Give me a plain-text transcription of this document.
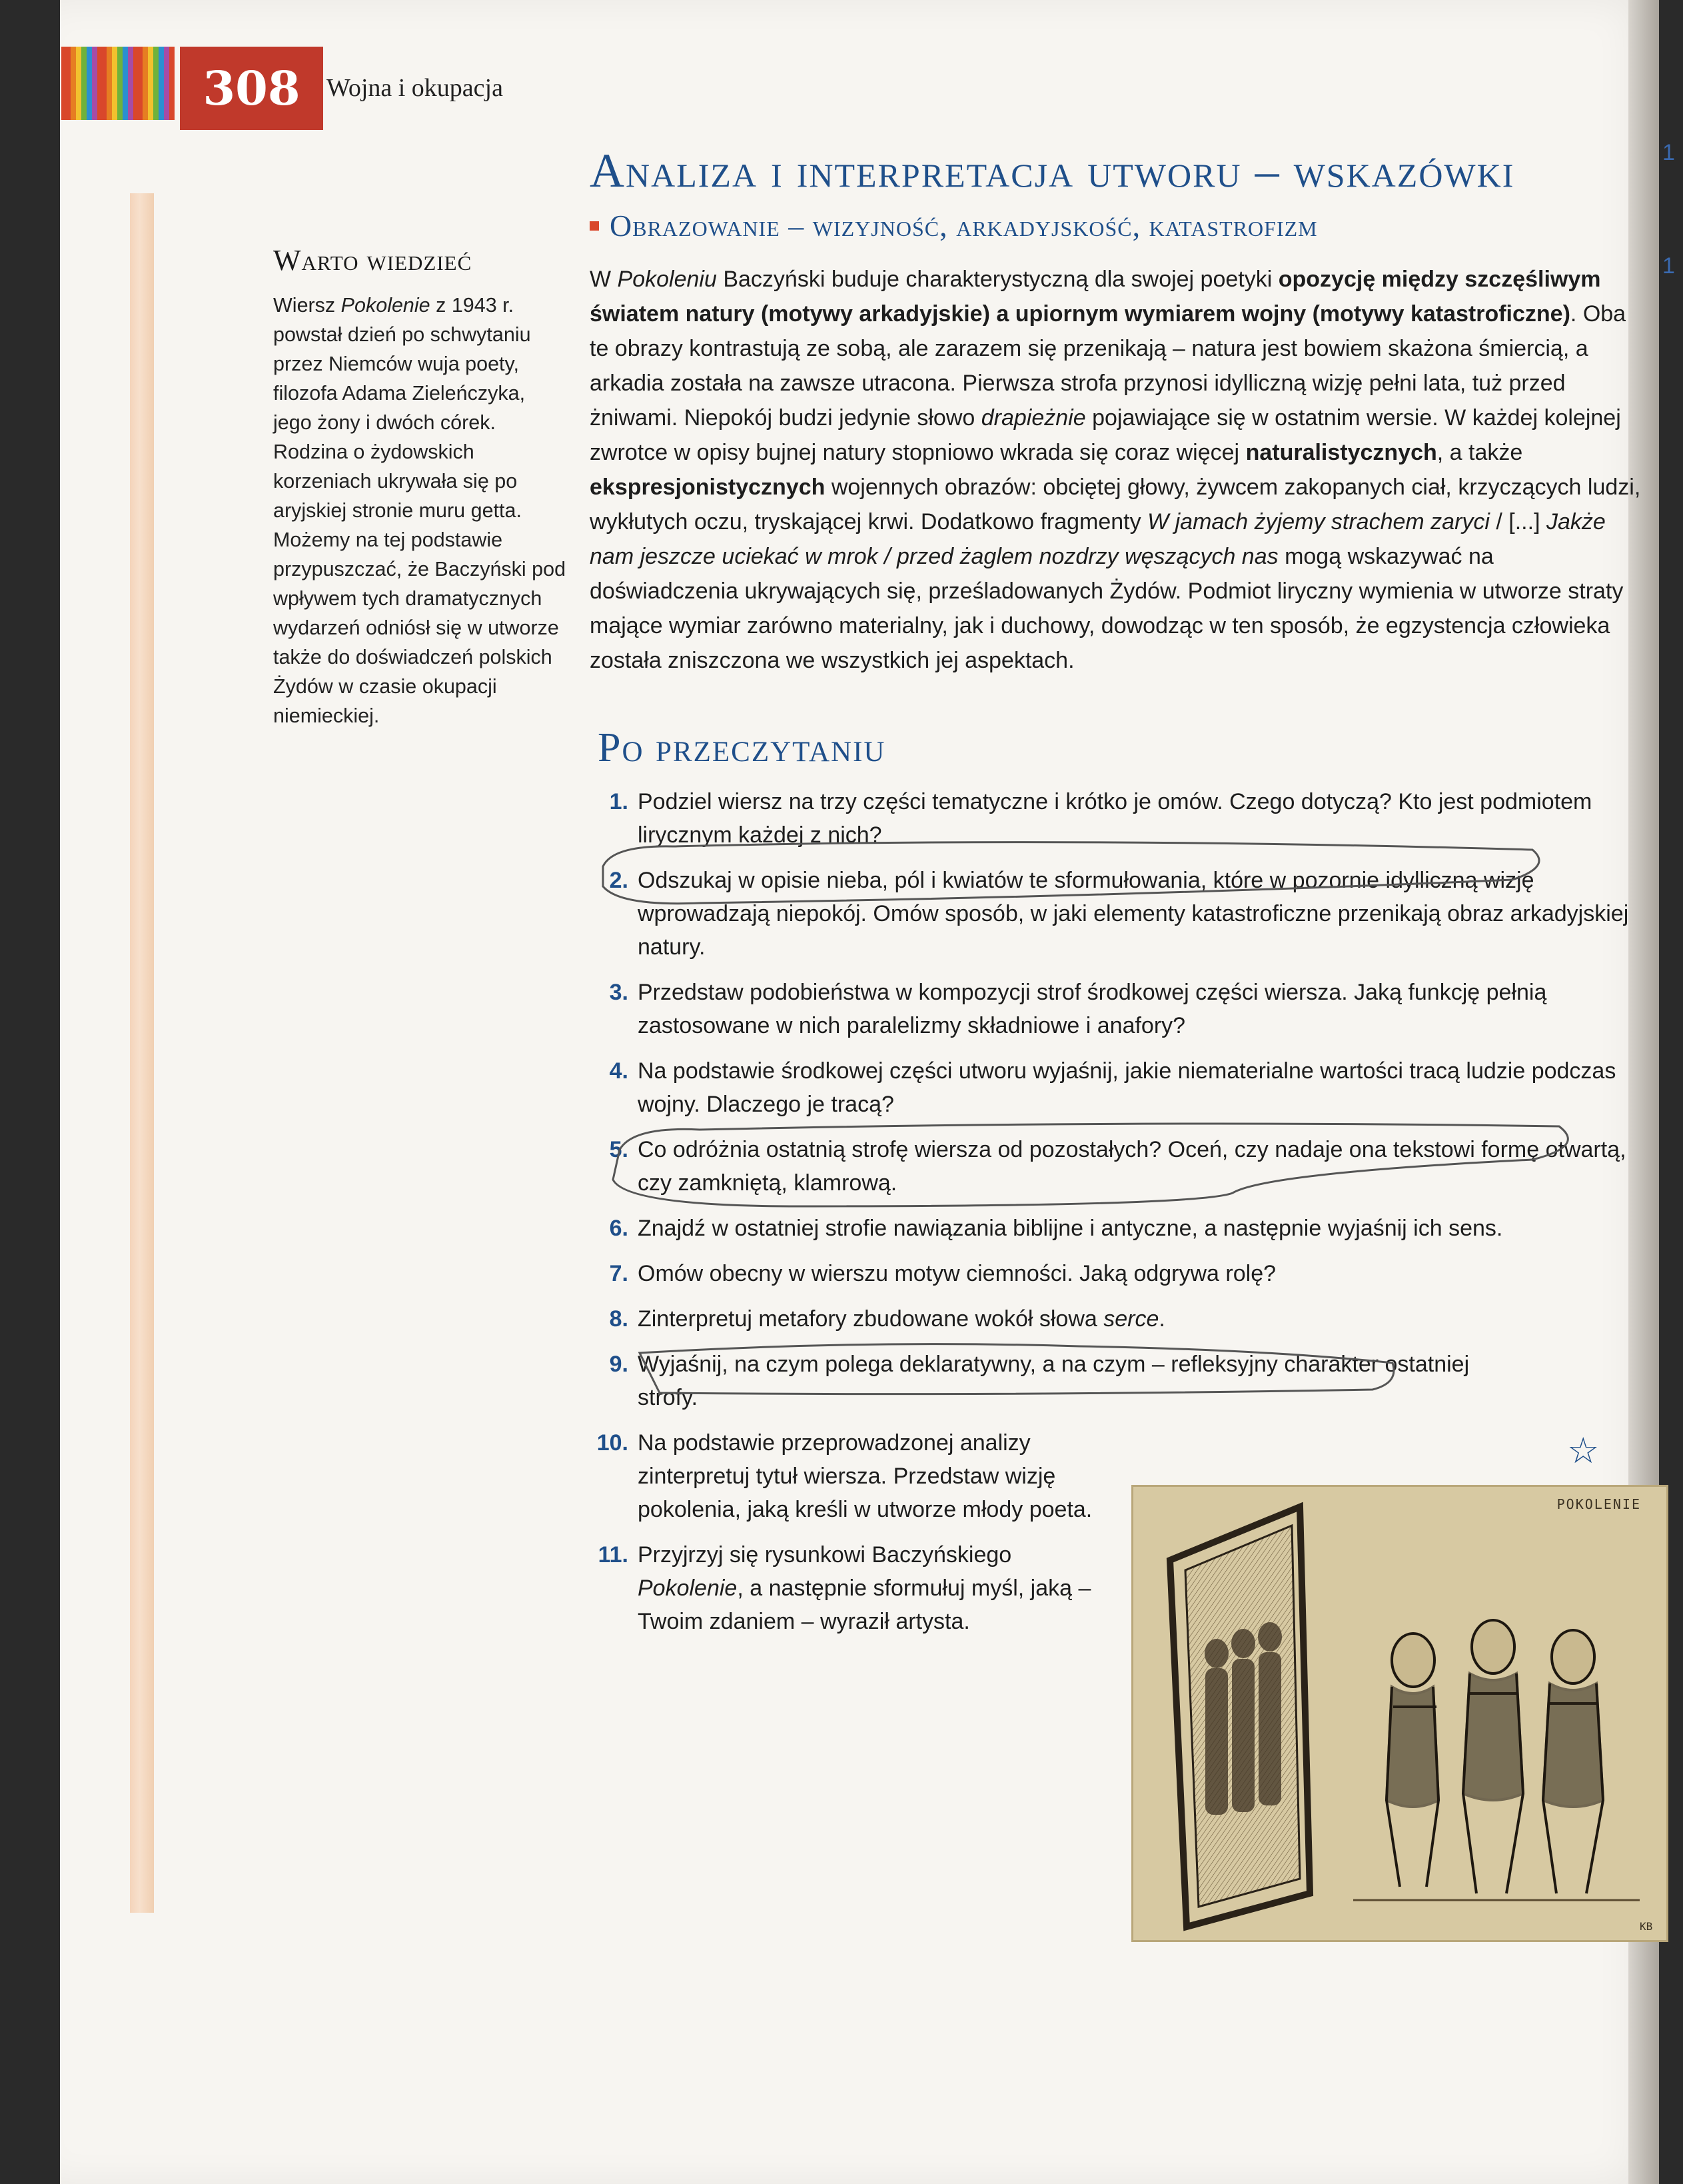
308	Wojna i okupacja
1
1
Warto wiedzieć

Wiersz Pokolenie z 1943 r. powstał dzień po schwytaniu przez Niemców wuja poety, filozofa Adama Zieleńczyka, jego żony i dwóch córek. Rodzina o żydowskich korzeniach ukrywała się po aryjskiej stronie muru getta. Możemy na tej podstawie przypuszczać, że Baczyński pod wpływem tych dramatycznych wydarzeń odniósł się w utworze także do doświadczeń polskich Żydów w czasie okupacji niemieckiej.

Analiza i interpretacja utworu – wskazówki
Obrazowanie – wizyjność, arkadyjskość, katastrofizm

W Pokoleniu Baczyński buduje charakterystyczną dla swojej poetyki opozycję między szczęśliwym światem natury (motywy arkadyjskie) a upiornym wymiarem wojny (motywy katastroficzne). Oba te obrazy kontrastują ze sobą, ale zarazem się przenikają – natura jest bowiem skażona śmiercią, a arkadia została na zawsze utracona. Pierwsza strofa przynosi idylliczną wizję pełni lata, tuż przed żniwami. Niepokój budzi jedynie słowo drapieżnie pojawiające się w ostatnim wersie. W każdej kolejnej zwrotce w opisy bujnej natury stopniowo wkrada się coraz więcej naturalistycznych, a także ekspresjonistycznych wojennych obrazów: obciętej głowy, żywcem zakopanych ciał, krzyczących ludzi, wykłutych oczu, tryskającej krwi. Dodatkowo fragmenty W jamach żyjemy strachem zaryci / [...] Jakże nam jeszcze uciekać w mrok / przed żaglem nozdrzy węszących nas mogą wskazywać na doświadczenia ukrywających się, prześladowanych Żydów. Podmiot liryczny wymienia w utworze straty mające wymiar zarówno materialny, jak i duchowy, dowodząc w ten sposób, że egzystencja człowieka została zniszczona we wszystkich jej aspektach.

Po przeczytaniu
1. Podziel wiersz na trzy części tematyczne i krótko je omów. Czego dotyczą? Kto jest podmiotem lirycznym każdej z nich?
2. Odszukaj w opisie nieba, pól i kwiatów te sformułowania, które w pozornie idylliczną wizję wprowadzają niepokój. Omów sposób, w jaki elementy katastroficzne przenikają obraz arkadyjskiej natury.
3. Przedstaw podobieństwa w kompozycji strof środkowej części wiersza. Jaką funkcję pełnią zastosowane w nich paralelizmy składniowe i anafory?
4. Na podstawie środkowej części utworu wyjaśnij, jakie niematerialne wartości tracą ludzie podczas wojny. Dlaczego je tracą?
5. Co odróżnia ostatnią strofę wiersza od pozostałych? Oceń, czy nadaje ona tekstowi formę otwartą, czy zamkniętą, klamrową.
6. Znajdź w ostatniej strofie nawiązania biblijne i antyczne, a następnie wyjaśnij ich sens.
7. Omów obecny w wierszu motyw ciemności. Jaką odgrywa rolę?
8. Zinterpretuj metafory zbudowane wokół słowa serce.
9. Wyjaśnij, na czym polega deklaratywny, a na czym – refleksyjny charakter ostatniej strofy.
10. Na podstawie przeprowadzonej analizy zinterpretuj tytuł wiersza. Przedstaw wizję pokolenia, jaką kreśli w utworze młody poeta.
11. Przyjrzyj się rysunkowi Baczyńskiego Pokolenie, a następnie sformułuj myśl, jaką – Twoim zdaniem – wyraził artysta.
☆
POKOLENIE
KB
